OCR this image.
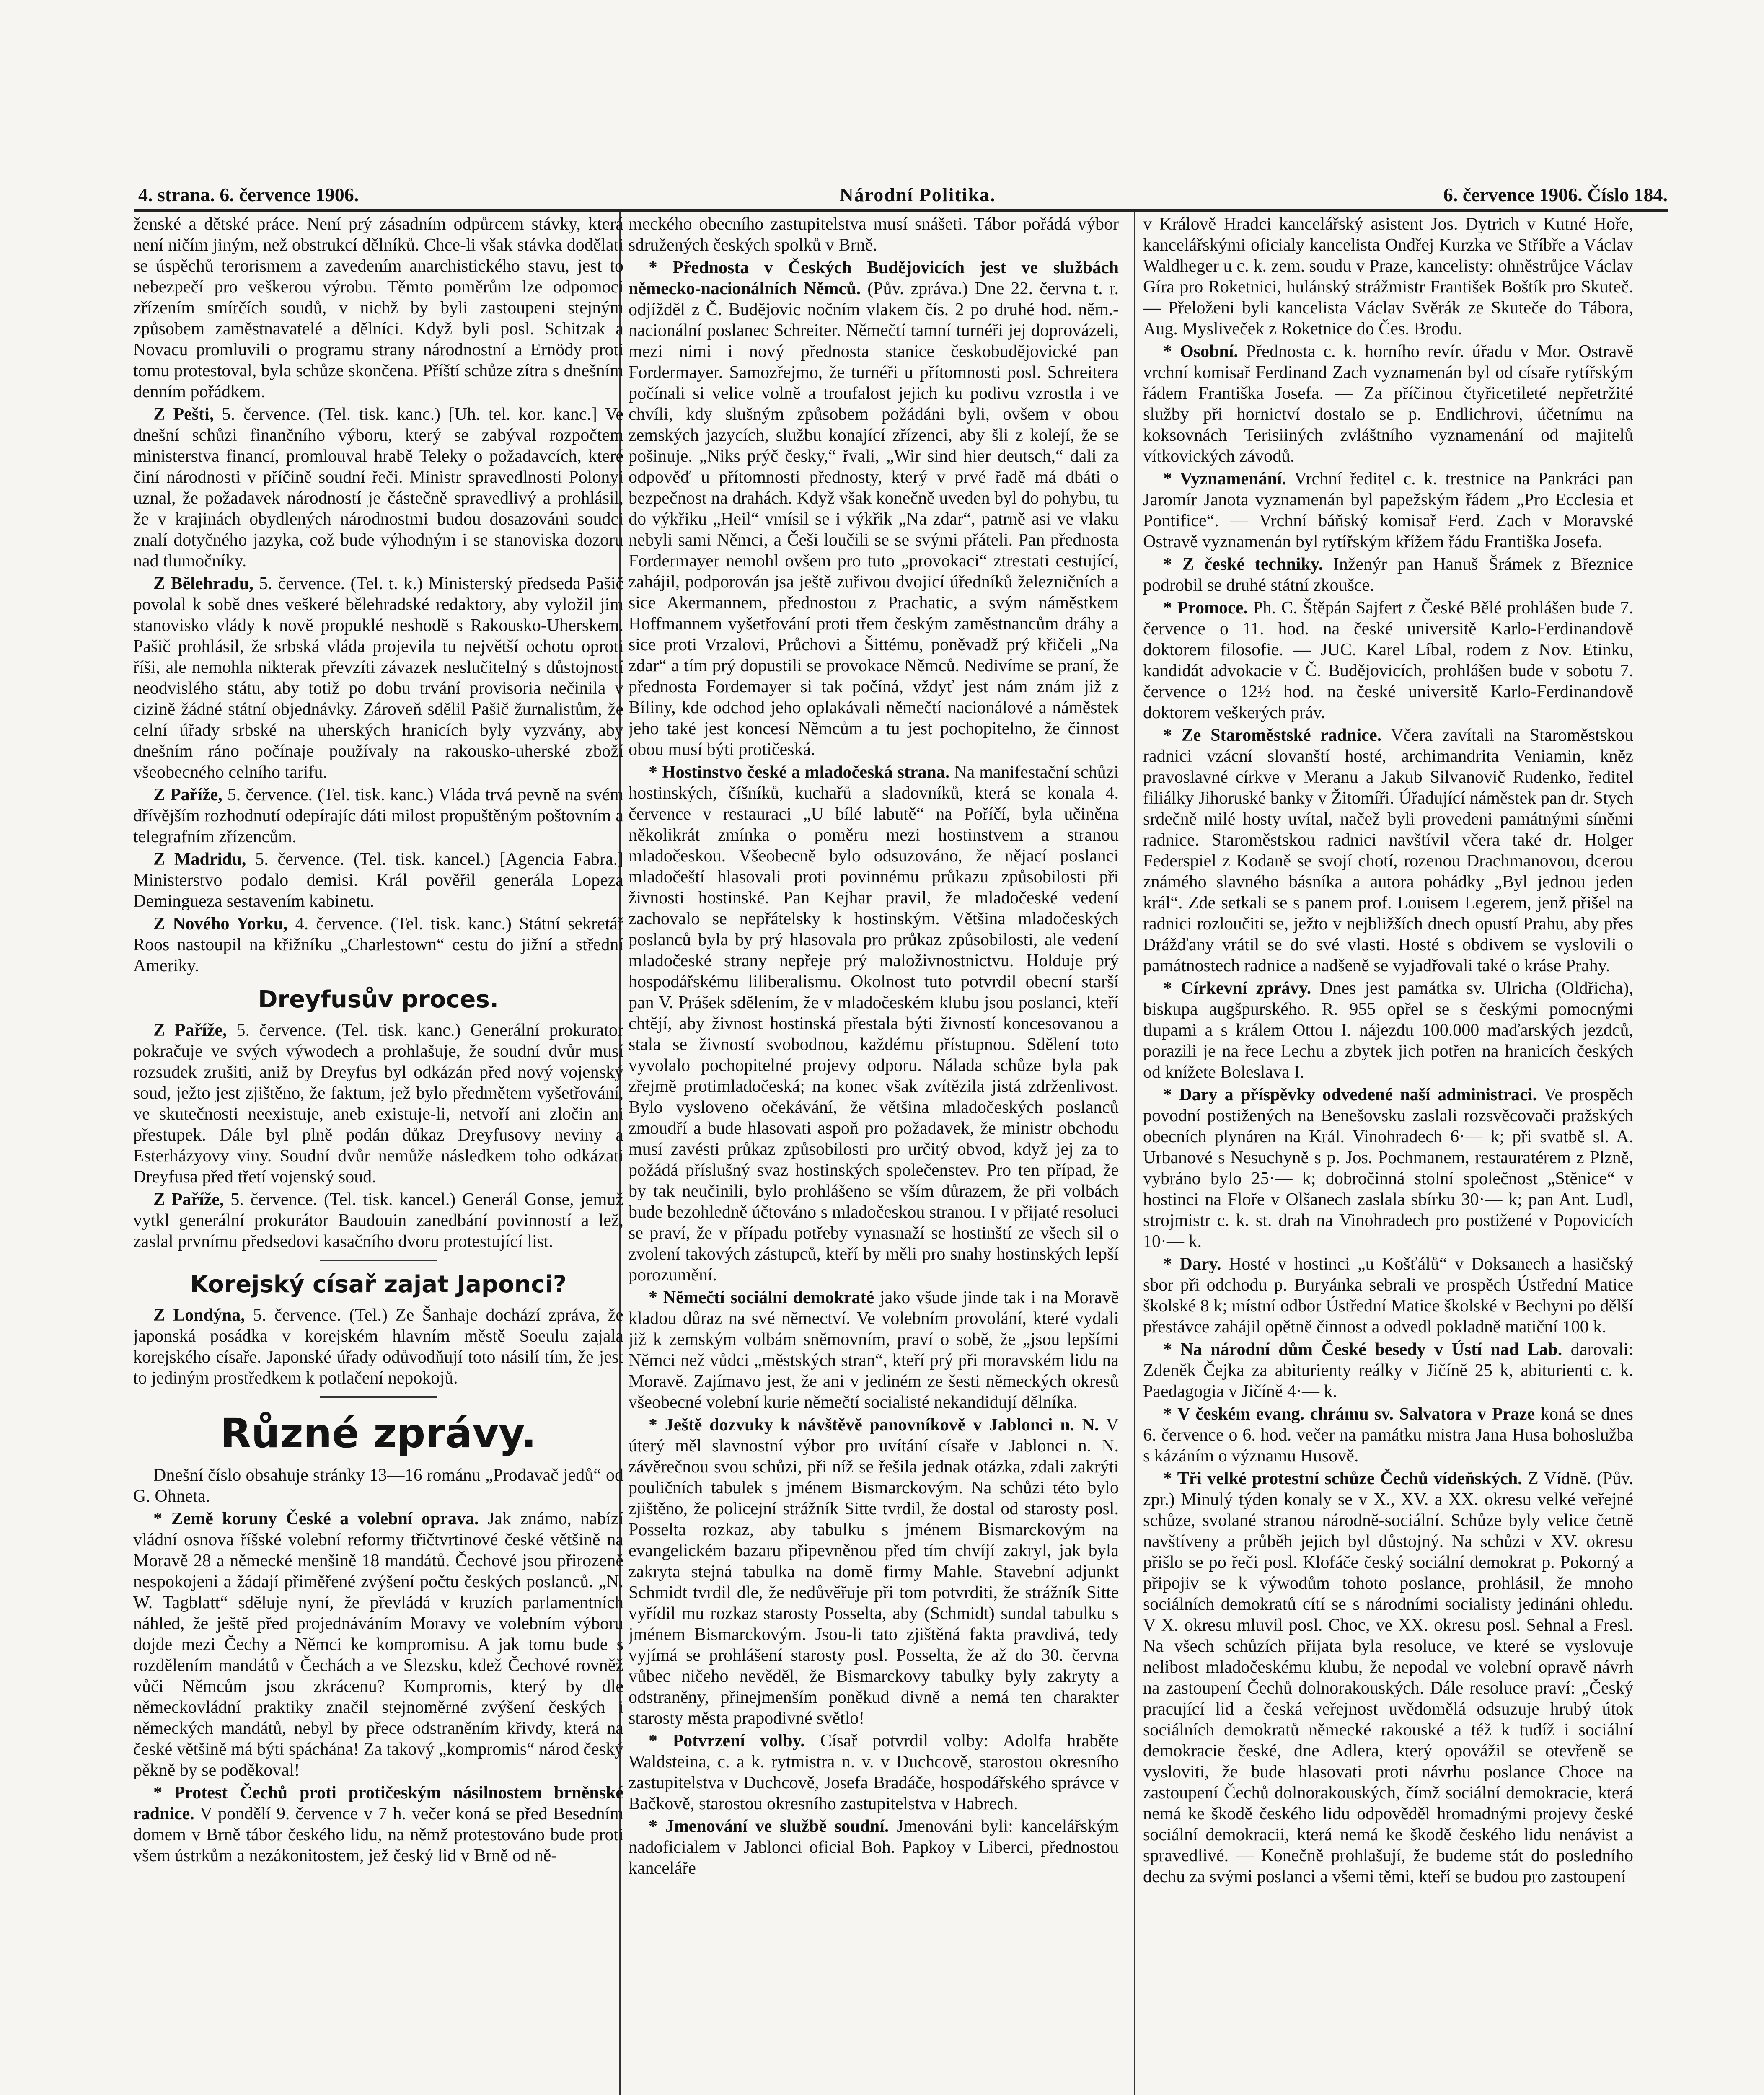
4. strana. 6. července 1906.	Národní Politika.	6. července 1906. Číslo 184.

ženské a dětské práce. Není prý zásadním odpůrcem stávky, která není ničím jiným, než obstrukcí dělníků. Chce-li však stávka dodělati se úspěchů terorismem a zavedením anarchistického stavu, jest to nebezpečí pro veškerou výrobu. Těmto poměrům lze odpomoci zřízením smírčích soudů, v nichž by byli zastoupeni stejným způsobem zaměstnavatelé a dělníci. Když byli posl. Schitzak a Novacu promluvili o programu strany národnostní a Ernödy proti tomu protestoval, byla schůze skončena. Příští schůze zítra s dnešním denním pořádkem.

Z Pešti, 5. července. (Tel. tisk. kanc.) [Uh. tel. kor. kanc.] Ve dnešní schůzi finančního výboru, který se zabýval rozpočtem ministerstva financí, promlouval hrabě Teleky o požadavcích, které činí národnosti v příčině soudní řeči. Ministr spravedlnosti Polonyi uznal, že požadavek národností je částečně spravedlivý a prohlásil, že v krajinách obydlených národnostmi budou dosazováni soudci znalí dotyčného jazyka, což bude výhodným i se stanoviska dozoru nad tlumočníky.

Z Bělehradu, 5. července. (Tel. t. k.) Ministerský předseda Pašič povolal k sobě dnes veškeré bělehradské redaktory, aby vyložil jim stanovisko vlády k nově propuklé neshodě s Rakousko-Uherskem. Pašič prohlásil, že srbská vláda projevila tu největší ochotu oproti říši, ale nemohla nikterak převzíti závazek neslučitelný s důstojností neodvislého státu, aby totiž po dobu trvání provisoria nečinila v cizině žádné státní objednávky. Zároveň sdělil Pašič žurnalistům, že celní úřady srbské na uherských hranicích byly vyzvány, aby dnešním ráno počínaje používaly na rakousko-uherské zboží všeobecného celního tarifu.

Z Paříže, 5. července. (Tel. tisk. kanc.) Vláda trvá pevně na svém dřívějším rozhodnutí odepírajíc dáti milost propuštěným poštovním a telegrafním zřízencům.

Z Madridu, 5. července. (Tel. tisk. kancel.) [Agencia Fabra.] Ministerstvo podalo demisi. Král pověřil generála Lopeza Demingueza sestavením kabinetu.

Z Nového Yorku, 4. července. (Tel. tisk. kanc.) Státní sekretář Roos nastoupil na křižníku „Charlestown“ cestu do jižní a střední Ameriky.

Dreyfusův proces.

Z Paříže, 5. července. (Tel. tisk. kanc.) Generální prokurator pokračuje ve svých výwodech a prohlašuje, že soudní dvůr musí rozsudek zrušiti, aniž by Dreyfus byl odkázán před nový vojenský soud, ježto jest zjištěno, že faktum, jež bylo předmětem vyšetřování, ve skutečnosti neexistuje, aneb existuje-li, netvoří ani zločin ani přestupek. Dále byl plně podán důkaz Dreyfusovy neviny a Esterházyovy viny. Soudní dvůr nemůže následkem toho odkázati Dreyfusa před třetí vojenský soud.

Z Paříže, 5. července. (Tel. tisk. kancel.) Generál Gonse, jemuž vytkl generální prokurátor Baudouin zanedbání povinností a lež, zaslal prvnímu předsedovi kasačního dvoru protestující list.

Korejský císař zajat Japonci?

Z Londýna, 5. července. (Tel.) Ze Šanhaje dochází zpráva, že japonská posádka v korejském hlavním městě Soeulu zajala korejského císaře. Japonské úřady odůvodňují toto násilí tím, že jest to jediným prostředkem k potlačení nepokojů.

Různé zprávy.

Dnešní číslo obsahuje stránky 13—16 románu „Prodavač jedů“ od G. Ohneta.

* Země koruny České a volební oprava. Jak známo, nabízí vládní osnova říšské volební reformy třičtvrtinové české většině na Moravě 28 a německé menšině 18 mandátů. Čechové jsou přirozeně nespokojeni a žádají přiměřené zvýšení počtu českých poslanců. „N. W. Tagblatt“ sděluje nyní, že převládá v kruzích parlamentních náhled, že ještě před projednáváním Moravy ve volebním výboru dojde mezi Čechy a Němci ke kompromisu. A jak tomu bude s rozdělením mandátů v Čechách a ve Slezsku, kdež Čechové rovněž vůči Němcům jsou zkrácenu? Kompromis, který by dle německovládní praktiky značil stejnoměrné zvýšení českých i německých mandátů, nebyl by přece odstraněním křivdy, která na české většině má býti spáchána! Za takový „kompromis“ národ český pěkně by se poděkoval!

* Protest Čechů proti protičeským násilnostem brněnské radnice. V pondělí 9. července v 7 h. večer koná se před Besedním domem v Brně tábor českého lidu, na němž protestováno bude proti všem ústrkům a nezákonitostem, jež český lid v Brně od ně-

meckého obecního zastupitelstva musí snášeti. Tábor pořádá výbor sdružených českých spolků v Brně.

* Přednosta v Českých Budějovicích jest ve službách německo-nacionálních Němců. (Pův. zpráva.) Dne 22. června t. r. odjížděl z Č. Budějovic nočním vlakem čís. 2 po druhé hod. něm.-nacionální poslanec Schreiter. Němečtí tamní turnéři jej doprovázeli, mezi nimi i nový přednosta stanice českobudějovické pan Fordermayer. Samozřejmo, že turnéři u přítomnosti posl. Schreitera počínali si velice volně a troufalost jejich ku podivu vzrostla i ve chvíli, kdy slušným způsobem požádáni byli, ovšem v obou zemských jazycích, službu konající zřízenci, aby šli z kolejí, že se pošinuje. „Niks prýč česky,“ řvali, „Wir sind hier deutsch,“ dali za odpověď u přítomnosti přednosty, který v prvé řadě má dbáti o bezpečnost na drahách. Když však konečně uveden byl do pohybu, tu do výkřiku „Heil“ vmísil se i výkřik „Na zdar“, patrně asi ve vlaku nebyli sami Němci, a Češi loučili se se svými přáteli. Pan přednosta Fordermayer nemohl ovšem pro tuto „provokaci“ ztrestati cestující, zahájil, podporován jsa ještě zuřivou dvojicí úředníků železničních a sice Akermannem, přednostou z Prachatic, a svým náměstkem Hoffmannem vyšetřování proti třem českým zaměstnancům dráhy a sice proti Vrzalovi, Průchovi a Šittému, poněvadž prý křičeli „Na zdar“ a tím prý dopustili se provokace Němců. Nedivíme se praní, že přednosta Fordemayer si tak počíná, vždyť jest nám znám již z Bíliny, kde odchod jeho oplakávali němečtí nacionálové a náměstek jeho také jest koncesí Němcům a tu jest pochopitelno, že činnost obou musí býti protičeská.

* Hostinstvo české a mladočeská strana. Na manifestační schůzi hostinských, číšníků, kuchařů a sladovníků, která se konala 4. července v restauraci „U bílé labutě“ na Poříčí, byla učiněna několikrát zmínka o poměru mezi hostinstvem a stranou mladočeskou. Všeobecně bylo odsuzováno, že nějací poslanci mladočeští hlasovali proti povinnému průkazu způsobilosti při živnosti hostinské. Pan Kejhar pravil, že mladočeské vedení zachovalo se nepřátelsky k hostinským. Většina mladočeských poslanců byla by prý hlasovala pro průkaz způsobilosti, ale vedení mladočeské strany nepřeje prý maloživnostnictvu. Holduje prý hospodářskému liliberalismu. Okolnost tuto potvrdil obecní starší pan V. Prášek sdělením, že v mladočeském klubu jsou poslanci, kteří chtějí, aby živnost hostinská přestala býti živností koncesovanou a stala se živností svobodnou, každému přístupnou. Sdělení toto vyvolalo pochopitelné projevy odporu. Nálada schůze byla pak zřejmě protimladočeská; na konec však zvítězila jistá zdrženlivost. Bylo vysloveno očekávání, že většina mladočeských poslanců zmoudří a bude hlasovati aspoň pro požadavek, že ministr obchodu musí zavésti průkaz způsobilosti pro určitý obvod, když jej za to požádá příslušný svaz hostinských společenstev. Pro ten případ, že by tak neučinili, bylo prohlášeno se vším důrazem, že při volbách bude bezohledně účtováno s mladočeskou stranou. I v přijaté resoluci se praví, že v případu potřeby vynasnaží se hostinští ze všech sil o zvolení takových zástupců, kteří by měli pro snahy hostinských lepší porozumění.

* Němečtí sociální demokraté jako všude jinde tak i na Moravě kladou důraz na své němectví. Ve volebním provolání, které vydali již k zemským volbám sněmovním, praví o sobě, že „jsou lepšími Němci než vůdci „městských stran“, kteří prý při moravském lidu na Moravě. Zajímavo jest, že ani v jediném ze šesti německých okresů všeobecné volební kurie němečtí socialisté nekandidují dělníka.

* Ještě dozvuky k návštěvě panovníkově v Jablonci n. N. V úterý měl slavnostní výbor pro uvítání císaře v Jablonci n. N. závěrečnou svou schůzi, při níž se řešila jednak otázka, zdali zakrýti pouličních tabulek s jménem Bismarckovým. Na schůzi této bylo zjištěno, že policejní strážník Sitte tvrdil, že dostal od starosty posl. Posselta rozkaz, aby tabulku s jménem Bismarckovým na evangelickém bazaru připevněnou před tím chvíjí zakryl, jak byla zakryta stejná tabulka na domě firmy Mahle. Stavební adjunkt Schmidt tvrdil dle, že nedůvěřuje při tom potvrditi, že strážník Sitte vyřídil mu rozkaz starosty Posselta, aby (Schmidt) sundal tabulku s jménem Bismarckovým. Jsou-li tato zjištěná fakta pravdivá, tedy vyjímá se prohlášení starosty posl. Posselta, že až do 30. června vůbec ničeho nevěděl, že Bismarckovy tabulky byly zakryty a odstraněny, přinejmenším poněkud divně a nemá ten charakter starosty města prapodivné světlo!

* Potvrzení volby. Císař potvrdil volby: Adolfa hraběte Waldsteina, c. a k. rytmistra n. v. v Duchcově, starostou okresního zastupitelstva v Duchcově, Josefa Bradáče, hospodářského správce v Bačkově, starostou okresního zastupitelstva v Habrech.

* Jmenování ve službě soudní. Jmenováni byli: kancelářským nadoficialem v Jablonci oficial Boh. Papkoy v Liberci, přednostou kanceláře

v Králově Hradci kancelářský asistent Jos. Dytrich v Kutné Hoře, kancelářskými oficialy kancelista Ondřej Kurzka ve Stříbře a Václav Waldheger u c. k. zem. soudu v Praze, kancelisty: ohněstrůjce Václav Gíra pro Roketnici, hulánský strážmistr František Boštík pro Skuteč. — Přeloženi byli kancelista Václav Svěrák ze Skuteče do Tábora, Aug. Mysliveček z Roketnice do Čes. Brodu.

* Osobní. Přednosta c. k. horního revír. úřadu v Mor. Ostravě vrchní komisař Ferdinand Zach vyznamenán byl od císaře rytířským řádem Františka Josefa. — Za příčinou čtyřicetileté nepřetržité služby při hornictví dostalo se p. Endlichrovi, účetnímu na koksovnách Terisiiných zvláštního vyznamenání od majitelů vítkovických závodů.

* Vyznamenání. Vrchní ředitel c. k. trestnice na Pankráci pan Jaromír Janota vyznamenán byl papežským řádem „Pro Ecclesia et Pontifice“. — Vrchní báňský komisař Ferd. Zach v Moravské Ostravě vyznamenán byl rytířským křížem řádu Františka Josefa.

* Z české techniky. Inženýr pan Hanuš Šrámek z Březnice podrobil se druhé státní zkoušce.

* Promoce. Ph. C. Štěpán Sajfert z České Bělé prohlášen bude 7. července o 11. hod. na české universitě Karlo-Ferdinandově doktorem filosofie. — JUC. Karel Líbal, rodem z Nov. Etinku, kandidát advokacie v Č. Budějovicích, prohlášen bude v sobotu 7. července o 12½ hod. na české universitě Karlo-Ferdinandově doktorem veškerých práv.

* Ze Staroměstské radnice. Včera zavítali na Staroměstskou radnici vzácní slovanští hosté, archimandrita Veniamin, kněz pravoslavné církve v Meranu a Jakub Silvanovič Rudenko, ředitel filiálky Jihoruské banky v Žitomíři. Úřadující náměstek pan dr. Stych srdečně milé hosty uvítal, načež byli provedeni památnými síněmi radnice. Staroměstskou radnici navštívil včera také dr. Holger Federspiel z Kodaně se svojí chotí, rozenou Drachmanovou, dcerou známého slavného básníka a autora pohádky „Byl jednou jeden král“. Zde setkali se s panem prof. Louisem Legerem, jenž přišel na radnici rozloučiti se, ježto v nejbližších dnech opustí Prahu, aby přes Drážďany vrátil se do své vlasti. Hosté s obdivem se vyslovili o památnostech radnice a nadšeně se vyjadřovali také o kráse Prahy.

* Církevní zprávy. Dnes jest památka sv. Ulricha (Oldřicha), biskupa augšpurského. R. 955 opřel se s českými pomocnými tlupami a s králem Ottou I. nájezdu 100.000 maďarských jezdců, porazili je na řece Lechu a zbytek jich potřen na hranicích českých od knížete Boleslava I.

* Dary a příspěvky odvedené naší administraci. Ve prospěch povodní postižených na Benešovsku zaslali rozsvěcovači pražských obecních plynáren na Král. Vinohradech 6·— k; při svatbě sl. A. Urbanové s Nesuchyně s p. Jos. Pochmanem, restauratérem z Plzně, vybráno bylo 25·— k; dobročinná stolní společnost „Stěnice“ v hostinci na Floře v Olšanech zaslala sbírku 30·— k; pan Ant. Ludl, strojmistr c. k. st. drah na Vinohradech pro postižené v Popovicích 10·— k.

* Dary. Hosté v hostinci „u Košťálů“ v Doksanech a hasičský sbor při odchodu p. Buryánka sebrali ve prospěch Ústřední Matice školské 8 k; místní odbor Ústřední Matice školské v Bechyni po dělší přestávce zahájil opětně činnost a odvedl pokladně matiční 100 k.

* Na národní dům České besedy v Ústí nad Lab. darovali: Zdeněk Čejka za abiturienty reálky v Jičíně 25 k, abiturienti c. k. Paedagogia v Jičíně 4·— k.

* V českém evang. chrámu sv. Salvatora v Praze koná se dnes 6. července o 6. hod. večer na památku mistra Jana Husa bohoslužba s kázáním o významu Husově.

* Tři velké protestní schůze Čechů vídeňských. Z Vídně. (Pův. zpr.) Minulý týden konaly se v X., XV. a XX. okresu velké veřejné schůze, svolané stranou národně-sociální. Schůze byly velice četně navštíveny a průběh jejich byl důstojný. Na schůzi v XV. okresu přišlo se po řeči posl. Klofáče český sociální demokrat p. Pokorný a připojiv se k výwodům tohoto poslance, prohlásil, že mnoho sociálních demokratů cítí se s národními socialisty jedináni ohledu. V X. okresu mluvil posl. Choc, ve XX. okresu posl. Sehnal a Fresl. Na všech schůzích přijata byla resoluce, ve které se vyslovuje nelibost mladočeskému klubu, že nepodal ve volební opravě návrh na zastoupení Čechů dolnorakouských. Dále resoluce praví: „Český pracující lid a česká veřejnost uvědomělá odsuzuje hrubý útok sociálních demokratů německé rakouské a též k tudíž i sociální demokracie české, dne Adlera, který opovážil se otevřeně se vysloviti, že bude hlasovati proti návrhu poslance Choce na zastoupení Čechů dolnorakouských, čímž sociální demokracie, která nemá ke škodě českého lidu odpověděl hromadnými projevy české sociální demokracii, která nemá ke škodě českého lidu nenávist a spravedlivé. — Konečně prohlašují, že budeme stát do posledního dechu za svými poslanci a všemi těmi, kteří se budou pro zastoupení
